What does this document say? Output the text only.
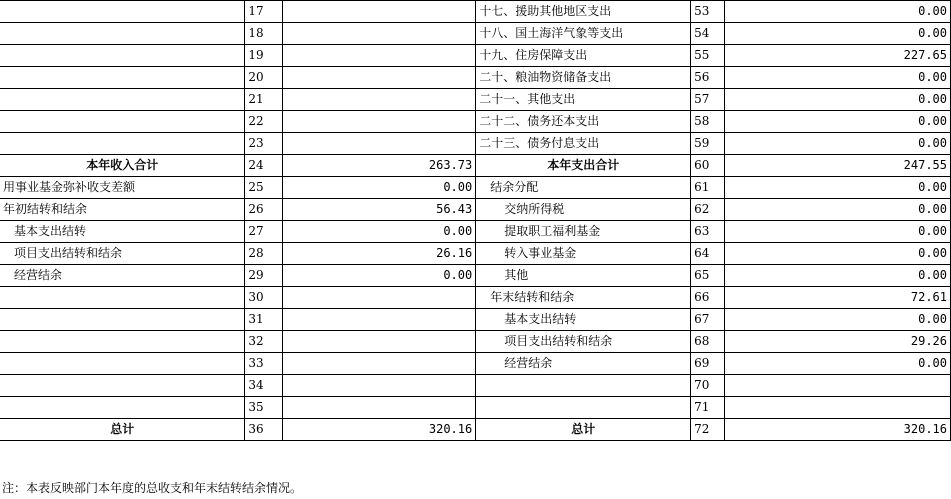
	17		十七、援助其他地区支出	53	0.00
	18		十八、国土海洋气象等支出	54	0.00
	19		十九、住房保障支出	55	227.65
	20		二十、粮油物资储备支出	56	0.00
	21		二十一、其他支出	57	0.00
	22		二十二、债务还本支出	58	0.00
	23		二十三、债务付息支出	59	0.00
本年收入合计	24	263.73	本年支出合计	60	247.55
用事业基金弥补收支差额	25	0.00	结余分配	61	0.00
年初结转和结余	26	56.43	交纳所得税	62	0.00
基本支出结转	27	0.00	提取职工福利基金	63	0.00
项目支出结转和结余	28	26.16	转入事业基金	64	0.00
经营结余	29	0.00	其他	65	0.00
	30		年末结转和结余	66	72.61
	31		基本支出结转	67	0.00
	32		项目支出结转和结余	68	29.26
	33		经营结余	69	0.00
	34			70	
	35			71	
总计	36	320.16	总计	72	320.16
注：本表反映部门本年度的总收支和年末结转结余情况。
